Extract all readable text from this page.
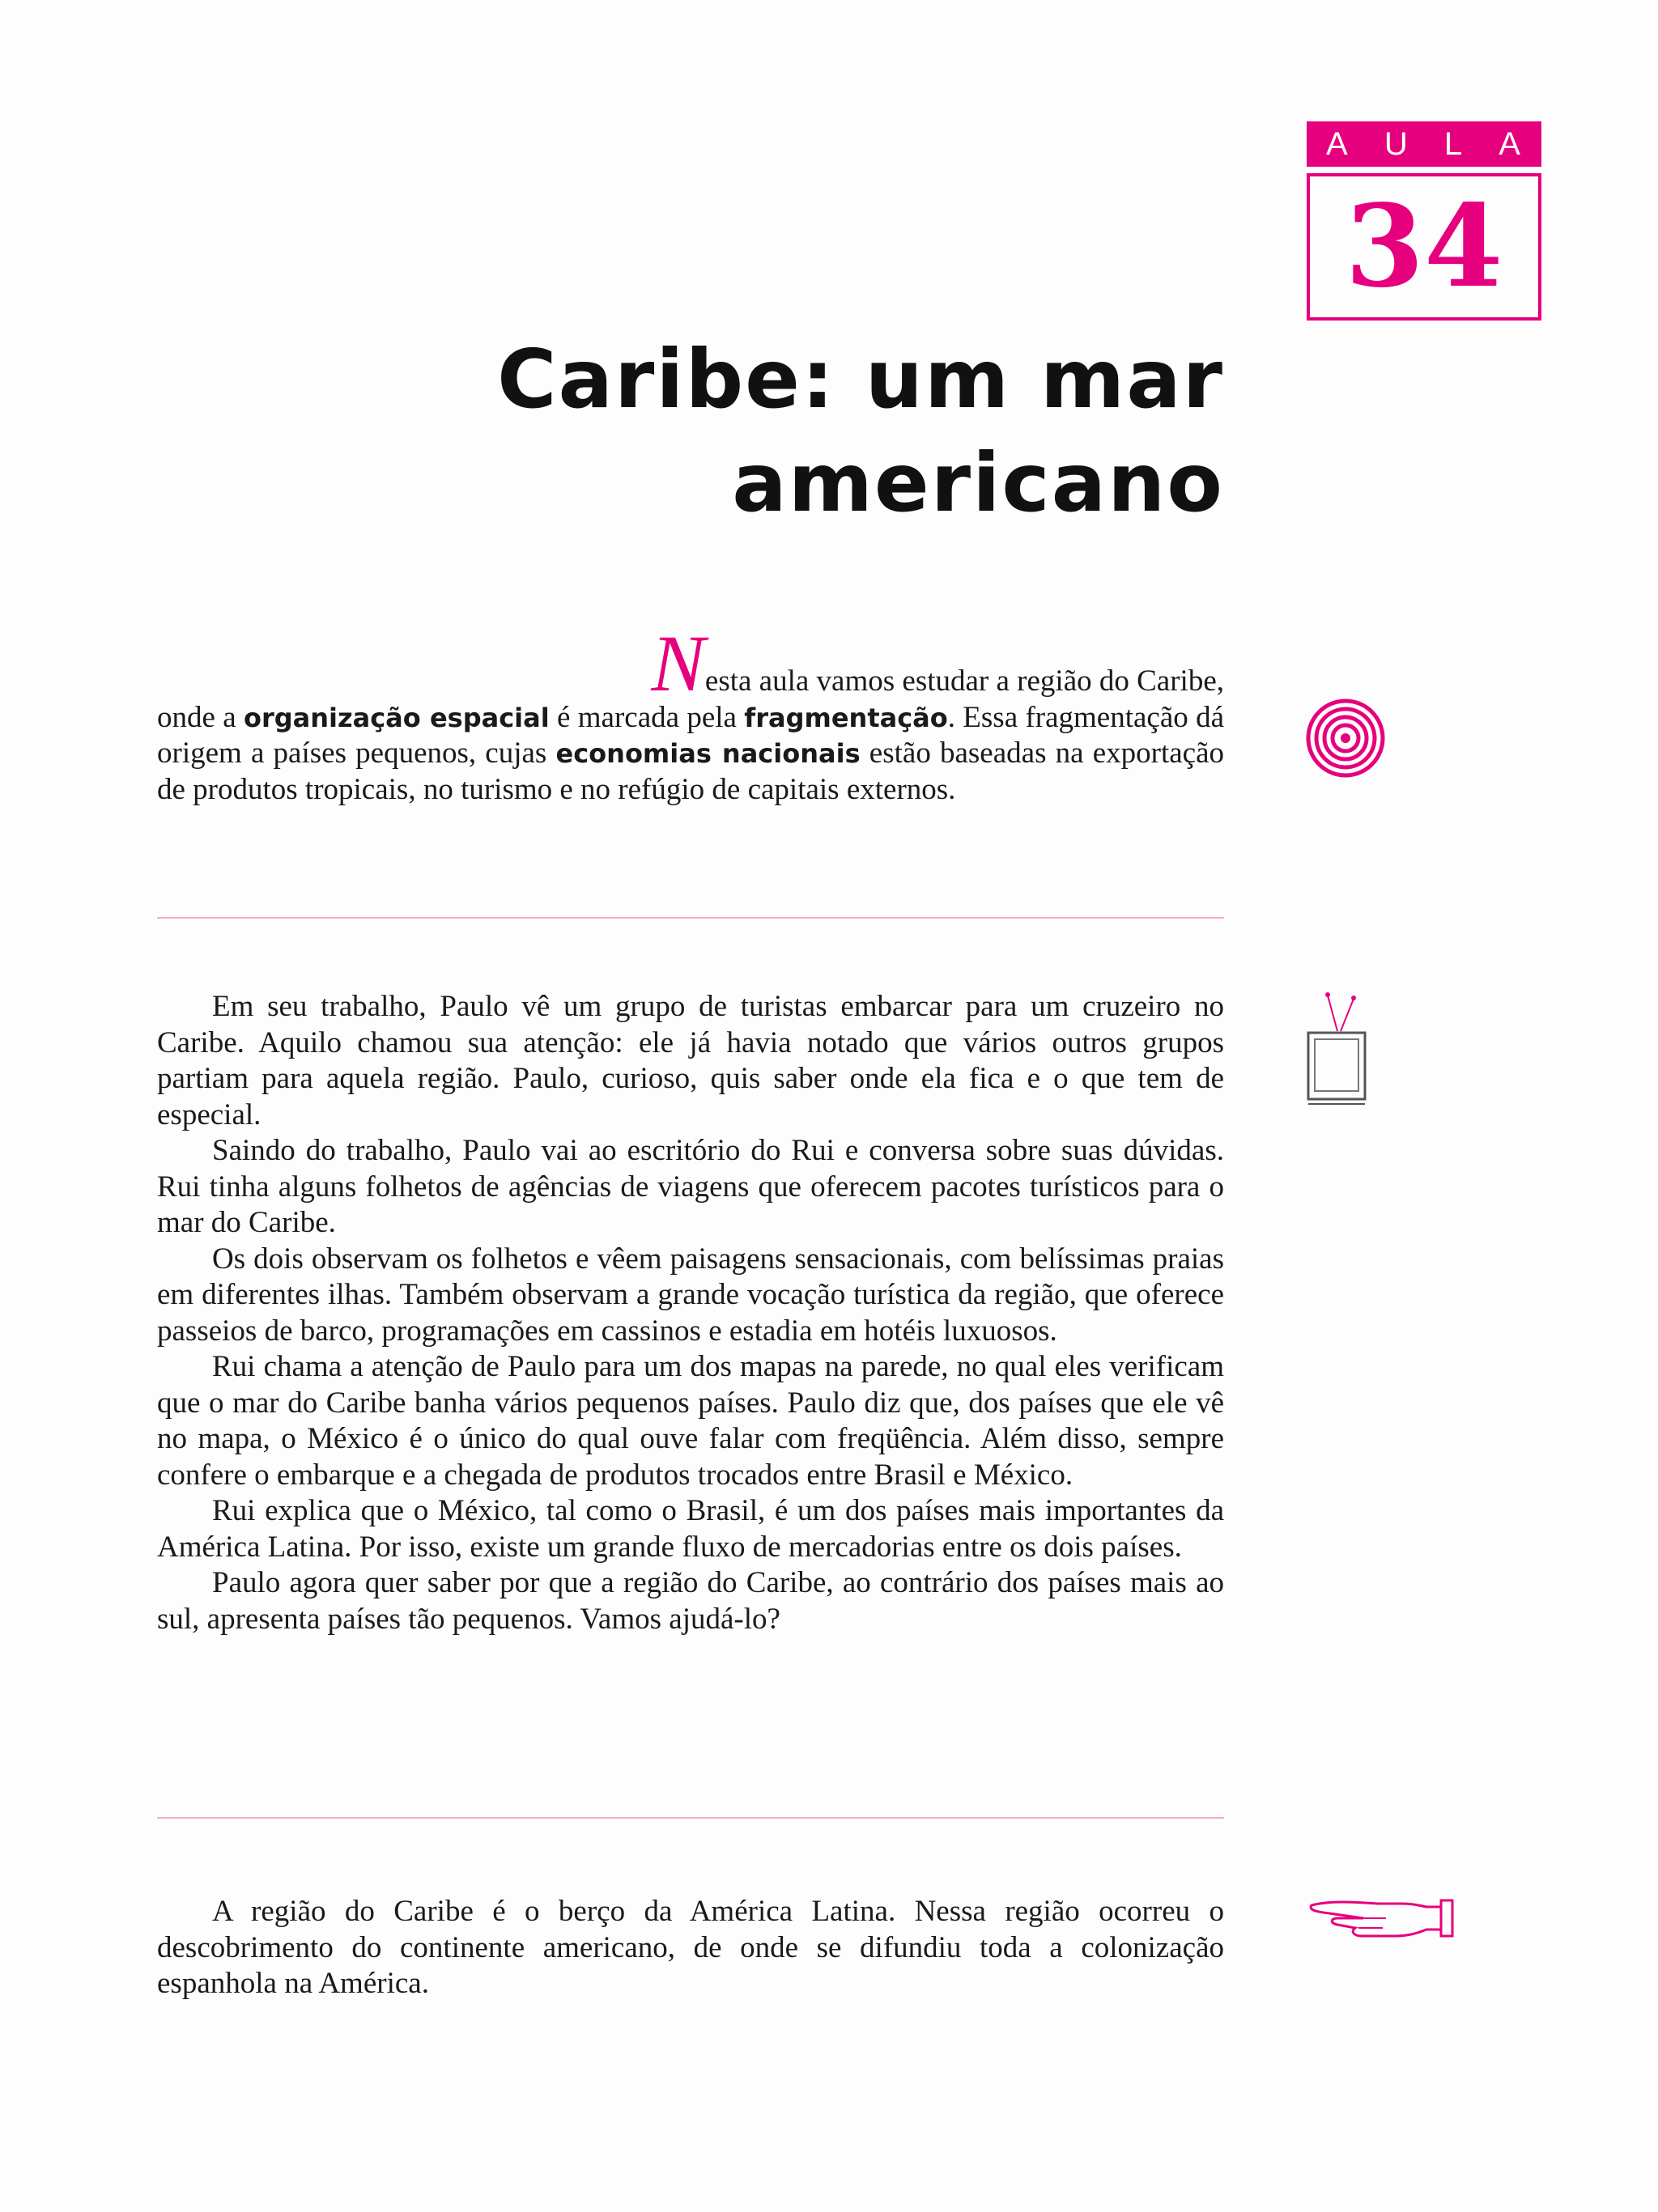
A U L A
34
Caribe: um mar
americano
Nesta aula vamos estudar a região do Caribe,

onde a organização espacial é marcada pela fragmentação. Essa fragmentação dá origem a países pequenos, cujas economias nacionais estão baseadas na exportação de produtos tropicais, no turismo e no refúgio de capitais externos.

Em seu trabalho, Paulo vê um grupo de turistas embarcar para um cruzeiro no Caribe. Aquilo chamou sua atenção: ele já havia notado que vários outros grupos partiam para aquela região. Paulo, curioso, quis saber onde ela fica e o que tem de especial.

Saindo do trabalho, Paulo vai ao escritório do Rui e conversa sobre suas dúvidas. Rui tinha alguns folhetos de agências de viagens que oferecem pacotes turísticos para o mar do Caribe.

Os dois observam os folhetos e vêem paisagens sensacionais, com belíssimas praias em diferentes ilhas. Também observam a grande vocação turística da região, que oferece passeios de barco, programações em cassinos e estadia em hotéis luxuosos.

Rui chama a atenção de Paulo para um dos mapas na parede, no qual eles verificam que o mar do Caribe banha vários pequenos países. Paulo diz que, dos países que ele vê no mapa, o México é o único do qual ouve falar com freqüência. Além disso, sempre confere o embarque e a chegada de produtos trocados entre Brasil e México.

Rui explica que o México, tal como o Brasil, é um dos países mais importantes da América Latina. Por isso, existe um grande fluxo de mercadorias entre os dois países.

Paulo agora quer saber por que a região do Caribe, ao contrário dos países mais ao sul, apresenta países tão pequenos. Vamos ajudá-lo?

A região do Caribe é o berço da América Latina. Nessa região ocorreu o descobrimento do continente americano, de onde se difundiu toda a colonização espanhola na América.
